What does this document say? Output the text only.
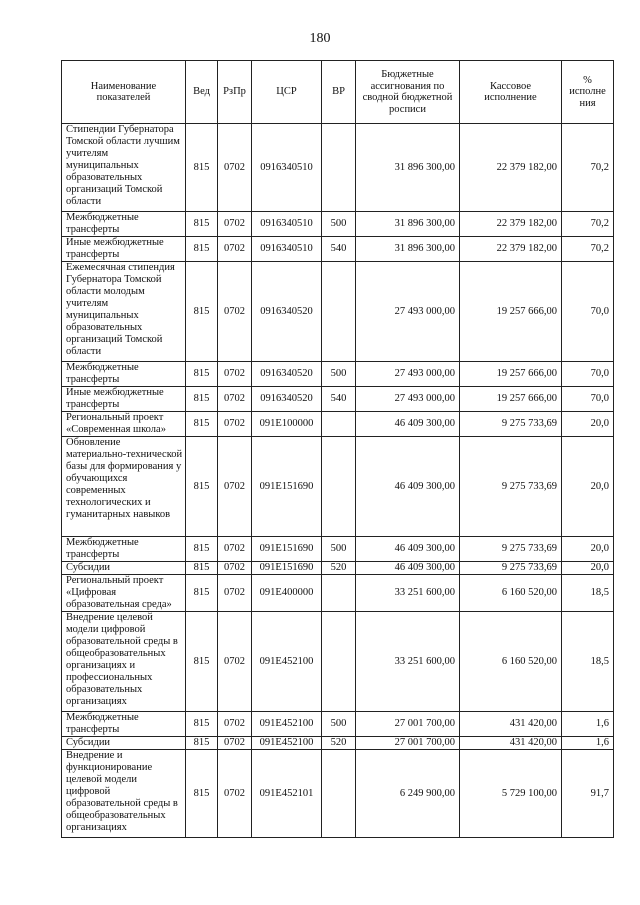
180
Наименование показателей	Вед	РзПр	ЦСР	ВР	Бюджетные ассигнования по сводной бюджетной росписи	Кассовое исполнение	% исполне ния
Стипендии Губернатора Томской области лучшим учителям муниципальных образовательных организаций Томской области	815	0702	0916340510		31 896 300,00	22 379 182,00	70,2
Межбюджетные трансферты	815	0702	0916340510	500	31 896 300,00	22 379 182,00	70,2
Иные межбюджетные трансферты	815	0702	0916340510	540	31 896 300,00	22 379 182,00	70,2
Ежемесячная стипендия Губернатора Томской области молодым учителям муниципальных образовательных организаций Томской области	815	0702	0916340520		27 493 000,00	19 257 666,00	70,0
Межбюджетные трансферты	815	0702	0916340520	500	27 493 000,00	19 257 666,00	70,0
Иные межбюджетные трансферты	815	0702	0916340520	540	27 493 000,00	19 257 666,00	70,0
Региональный проект «Современная школа»	815	0702	091E100000		46 409 300,00	9 275 733,69	20,0
Обновление материально-технической базы для формирования у обучающихся современных технологических и гуманитарных навыков	815	0702	091E151690		46 409 300,00	9 275 733,69	20,0
Межбюджетные трансферты	815	0702	091E151690	500	46 409 300,00	9 275 733,69	20,0
Субсидии	815	0702	091E151690	520	46 409 300,00	9 275 733,69	20,0
Региональный проект «Цифровая образовательная среда»	815	0702	091E400000		33 251 600,00	6 160 520,00	18,5
Внедрение целевой модели цифровой образовательной среды в общеобразовательных организациях и профессиональных образовательных организациях	815	0702	091E452100		33 251 600,00	6 160 520,00	18,5
Межбюджетные трансферты	815	0702	091E452100	500	27 001 700,00	431 420,00	1,6
Субсидии	815	0702	091E452100	520	27 001 700,00	431 420,00	1,6
Внедрение и функционирование целевой модели цифровой образовательной среды в общеобразовательных организациях	815	0702	091E452101		6 249 900,00	5 729 100,00	91,7
